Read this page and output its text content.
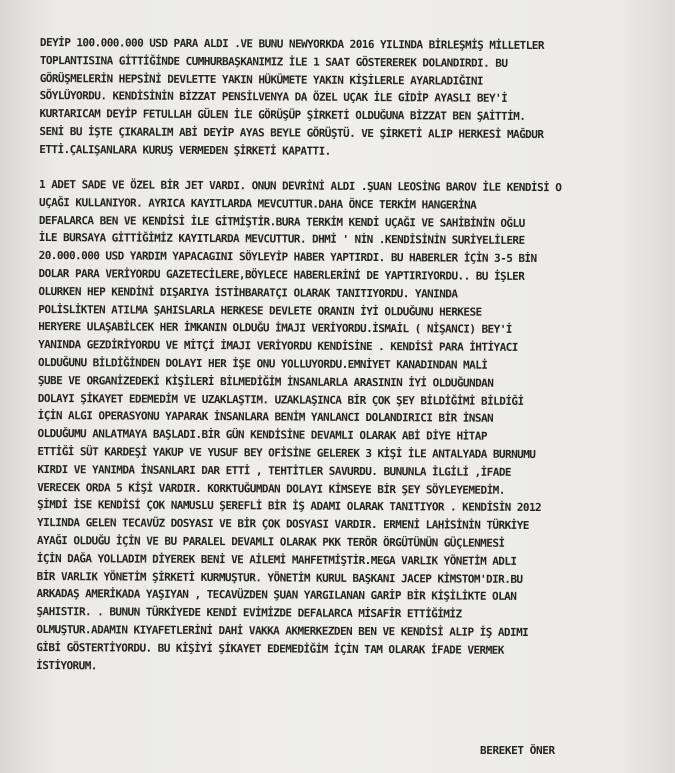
DEYİP 100.000.000 USD PARA ALDI .VE BUNU NEWYORKDA 2016 YILINDA BİRLEŞMİŞ MİLLETLER
TOPLANTISINA GİTTİĞİNDE CUMHURBAŞKANIMIZ İLE 1 SAAT GÖSTEREREK DOLANDIRDI. BU
GÖRÜŞMELERİN HEPSİNİ DEVLETTE YAKIN HÜKÜMETE YAKIN KİŞİLERLE AYARLADIĞINI
SÖYLÜYORDU. KENDİSİNİN BİZZAT PENSİLVENYA DA ÖZEL UÇAK İLE GİDİP AYASLI BEY'İ
KURTARICAM DEYİP FETULLAH GÜLEN İLE GÖRÜŞÜP ŞİRKETİ OLDUĞUNA BİZZAT BEN ŞAİTTİM.
SENİ BU İŞTE ÇIKARALIM ABİ DEYİP AYAS BEYLE GÖRÜŞTÜ. VE ŞİRKETİ ALIP HERKESİ MAĞDUR
ETTİ.ÇALIŞANLARA KURUŞ VERMEDEN ŞİRKETİ KAPATTI.
1 ADET SADE VE ÖZEL BİR JET VARDI. ONUN DEVRİNİ ALDI .ŞUAN LEOSİNG BAROV İLE KENDİSİ O
UÇAĞI KULLANIYOR. AYRICA KAYITLARDA MEVCUTTUR.DAHA ÖNCE TERKİM HANGERİNA
DEFALARCA BEN VE KENDİSİ İLE GİTMİŞTİR.BURA TERKİM KENDİ UÇAĞI VE SAHİBİNİN OĞLU
İLE BURSAYA GİTTİĞİMİZ KAYITLARDA MEVCUTTUR. DHMİ ' NİN .KENDİSİNİN SURİYELİLERE
20.000.000 USD YARDIM YAPACAGINI SÖYLEYİP HABER YAPTIRDI. BU HABERLER İÇİN 3-5 BİN
DOLAR PARA VERİYORDU GAZETECİLERE,BÖYLECE HABERLERİNİ DE YAPTIRIYORDU.. BU İŞLER
OLURKEN HEP KENDİNİ DIŞARIYA İSTİHBARATÇI OLARAK TANITIYORDU. YANINDA
POLİSLİKTEN ATILMA ŞAHISLARLA HERKESE DEVLETE ORANIN İYİ OLDUĞUNU HERKESE
HERYERE ULAŞABİLCEK HER İMKANIN OLDUĞU İMAJI VERİYORDU.İSMAİL ( NİŞANCI) BEY'İ
YANINDA GEZDİRİYORDU VE MİTÇİ İMAJI VERİYORDU KENDİSİNE . KENDİSİ PARA İHTİYACI
OLDUĞUNU BİLDİĞİNDEN DOLAYI HER İŞE ONU YOLLUYORDU.EMNİYET KANADINDAN MALİ
ŞUBE VE ORGANİZEDEKİ KİŞİLERİ BİLMEDİĞİM İNSANLARLA ARASININ İYİ OLDUĞUNDAN
DOLAYI ŞİKAYET EDEMEDİM VE UZAKLAŞTIM. UZAKLAŞINCA BİR ÇOK ŞEY BİLDİĞİMİ BİLDİĞİ
İÇİN ALGI OPERASYONU YAPARAK İNSANLARA BENİM YANLANCI DOLANDIRICI BİR İNSAN
OLDUĞUMU ANLATMAYA BAŞLADI.BİR GÜN KENDİSİNE DEVAMLI OLARAK ABİ DİYE HİTAP
ETTİĞİ SÜT KARDEŞİ YAKUP VE YUSUF BEY OFİSİNE GELEREK 3 KİŞİ İLE ANTALYADA BURNUMU
KIRDI VE YANIMDA İNSANLARI DAR ETTİ , TEHTİTLER SAVURDU. BUNUNLA İLGİLİ ,İFADE
VERECEK ORDA 5 KİŞİ VARDIR. KORKTUĞUMDAN DOLAYI KİMSEYE BİR ŞEY SÖYLEYEMEDİM.
ŞİMDİ İSE KENDİSİ ÇOK NAMUSLU ŞEREFLİ BİR İŞ ADAMI OLARAK TANITIYOR . KENDİSİN 2012
YILINDA GELEN TECAVÜZ DOSYASI VE BİR ÇOK DOSYASI VARDIR. ERMENİ LAHİSİNİN TÜRKİYE
AYAĞI OLDUĞU İÇİN VE BU PARALEL DEVAMLI OLARAK PKK TERÖR ÖRGÜTÜNÜN GÜÇLENMESİ
İÇİN DAĞA YOLLADIM DİYEREK BENİ VE AİLEMİ MAHFETMİŞTİR.MEGA VARLIK YÖNETİM ADLI
BİR VARLIK YÖNETİM ŞİRKETİ KURMUŞTUR. YÖNETİM KURUL BAŞKANI JACEP KİMSTOM'DIR.BU
ARKADAŞ AMERİKADA YAŞIYAN , TECAVÜZDEN ŞUAN YARGILANAN GARİP BİR KİŞİLİKTE OLAN
ŞAHISTIR. . BUNUN TÜRKİYEDE KENDİ EVİMİZDE DEFALARCA MİSAFİR ETTİĞİMİZ
OLMUŞTUR.ADAMIN KIYAFETLERİNİ DAHİ VAKKA AKMERKEZDEN BEN VE KENDİSİ ALIP İŞ ADIMI
GİBİ GÖSTERTİYORDU. BU KİŞİYİ ŞİKAYET EDEMEDİĞİM İÇİN TAM OLARAK İFADE VERMEK
İSTİYORUM.
BEREKET ÖNER
